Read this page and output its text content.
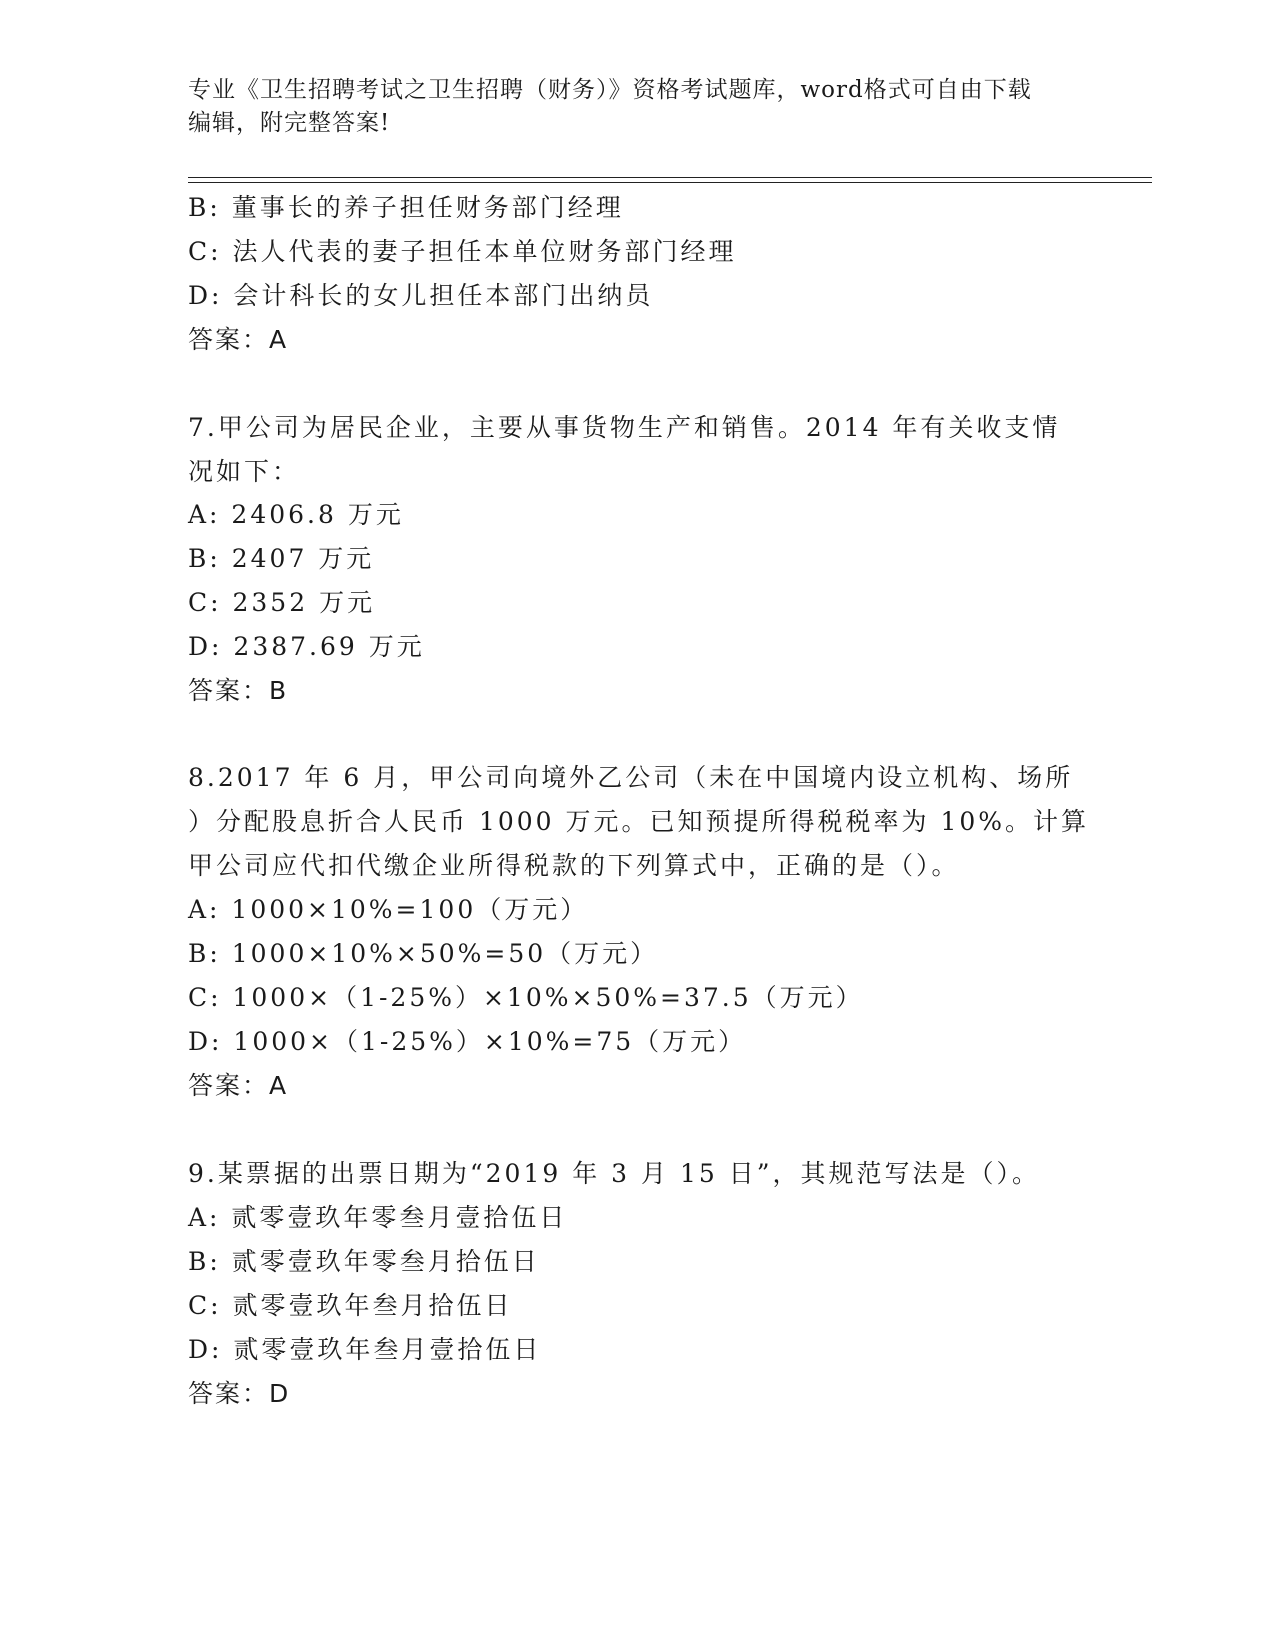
专业《卫生招聘考试之卫生招聘（财务）》资格考试题库，word格式可自由下载
编辑，附完整答案!
B: 董事长的养子担任财务部门经理
C: 法人代表的妻子担任本单位财务部门经理
D: 会计科长的女儿担任本部门出纳员
答案：A
7.甲公司为居民企业，主要从事货物生产和销售。2014 年有关收支情
况如下：
A: 2406.8 万元
B: 2407 万元
C: 2352 万元
D: 2387.69 万元
答案：B
8.2017 年 6 月，甲公司向境外乙公司（未在中国境内设立机构、场所
）分配股息折合人民币 1000 万元。已知预提所得税税率为 10%。计算
甲公司应代扣代缴企业所得税款的下列算式中，正确的是（）。
A: 1000×10%=100（万元）
B: 1000×10%×50%=50（万元）
C: 1000×（1-25%）×10%×50%=37.5（万元）
D: 1000×（1-25%）×10%=75（万元）
答案：A
9.某票据的出票日期为“2019 年 3 月 15 日”，其规范写法是（）。
A: 贰零壹玖年零叁月壹拾伍日
B: 贰零壹玖年零叁月拾伍日
C: 贰零壹玖年叁月拾伍日
D: 贰零壹玖年叁月壹拾伍日
答案：D
